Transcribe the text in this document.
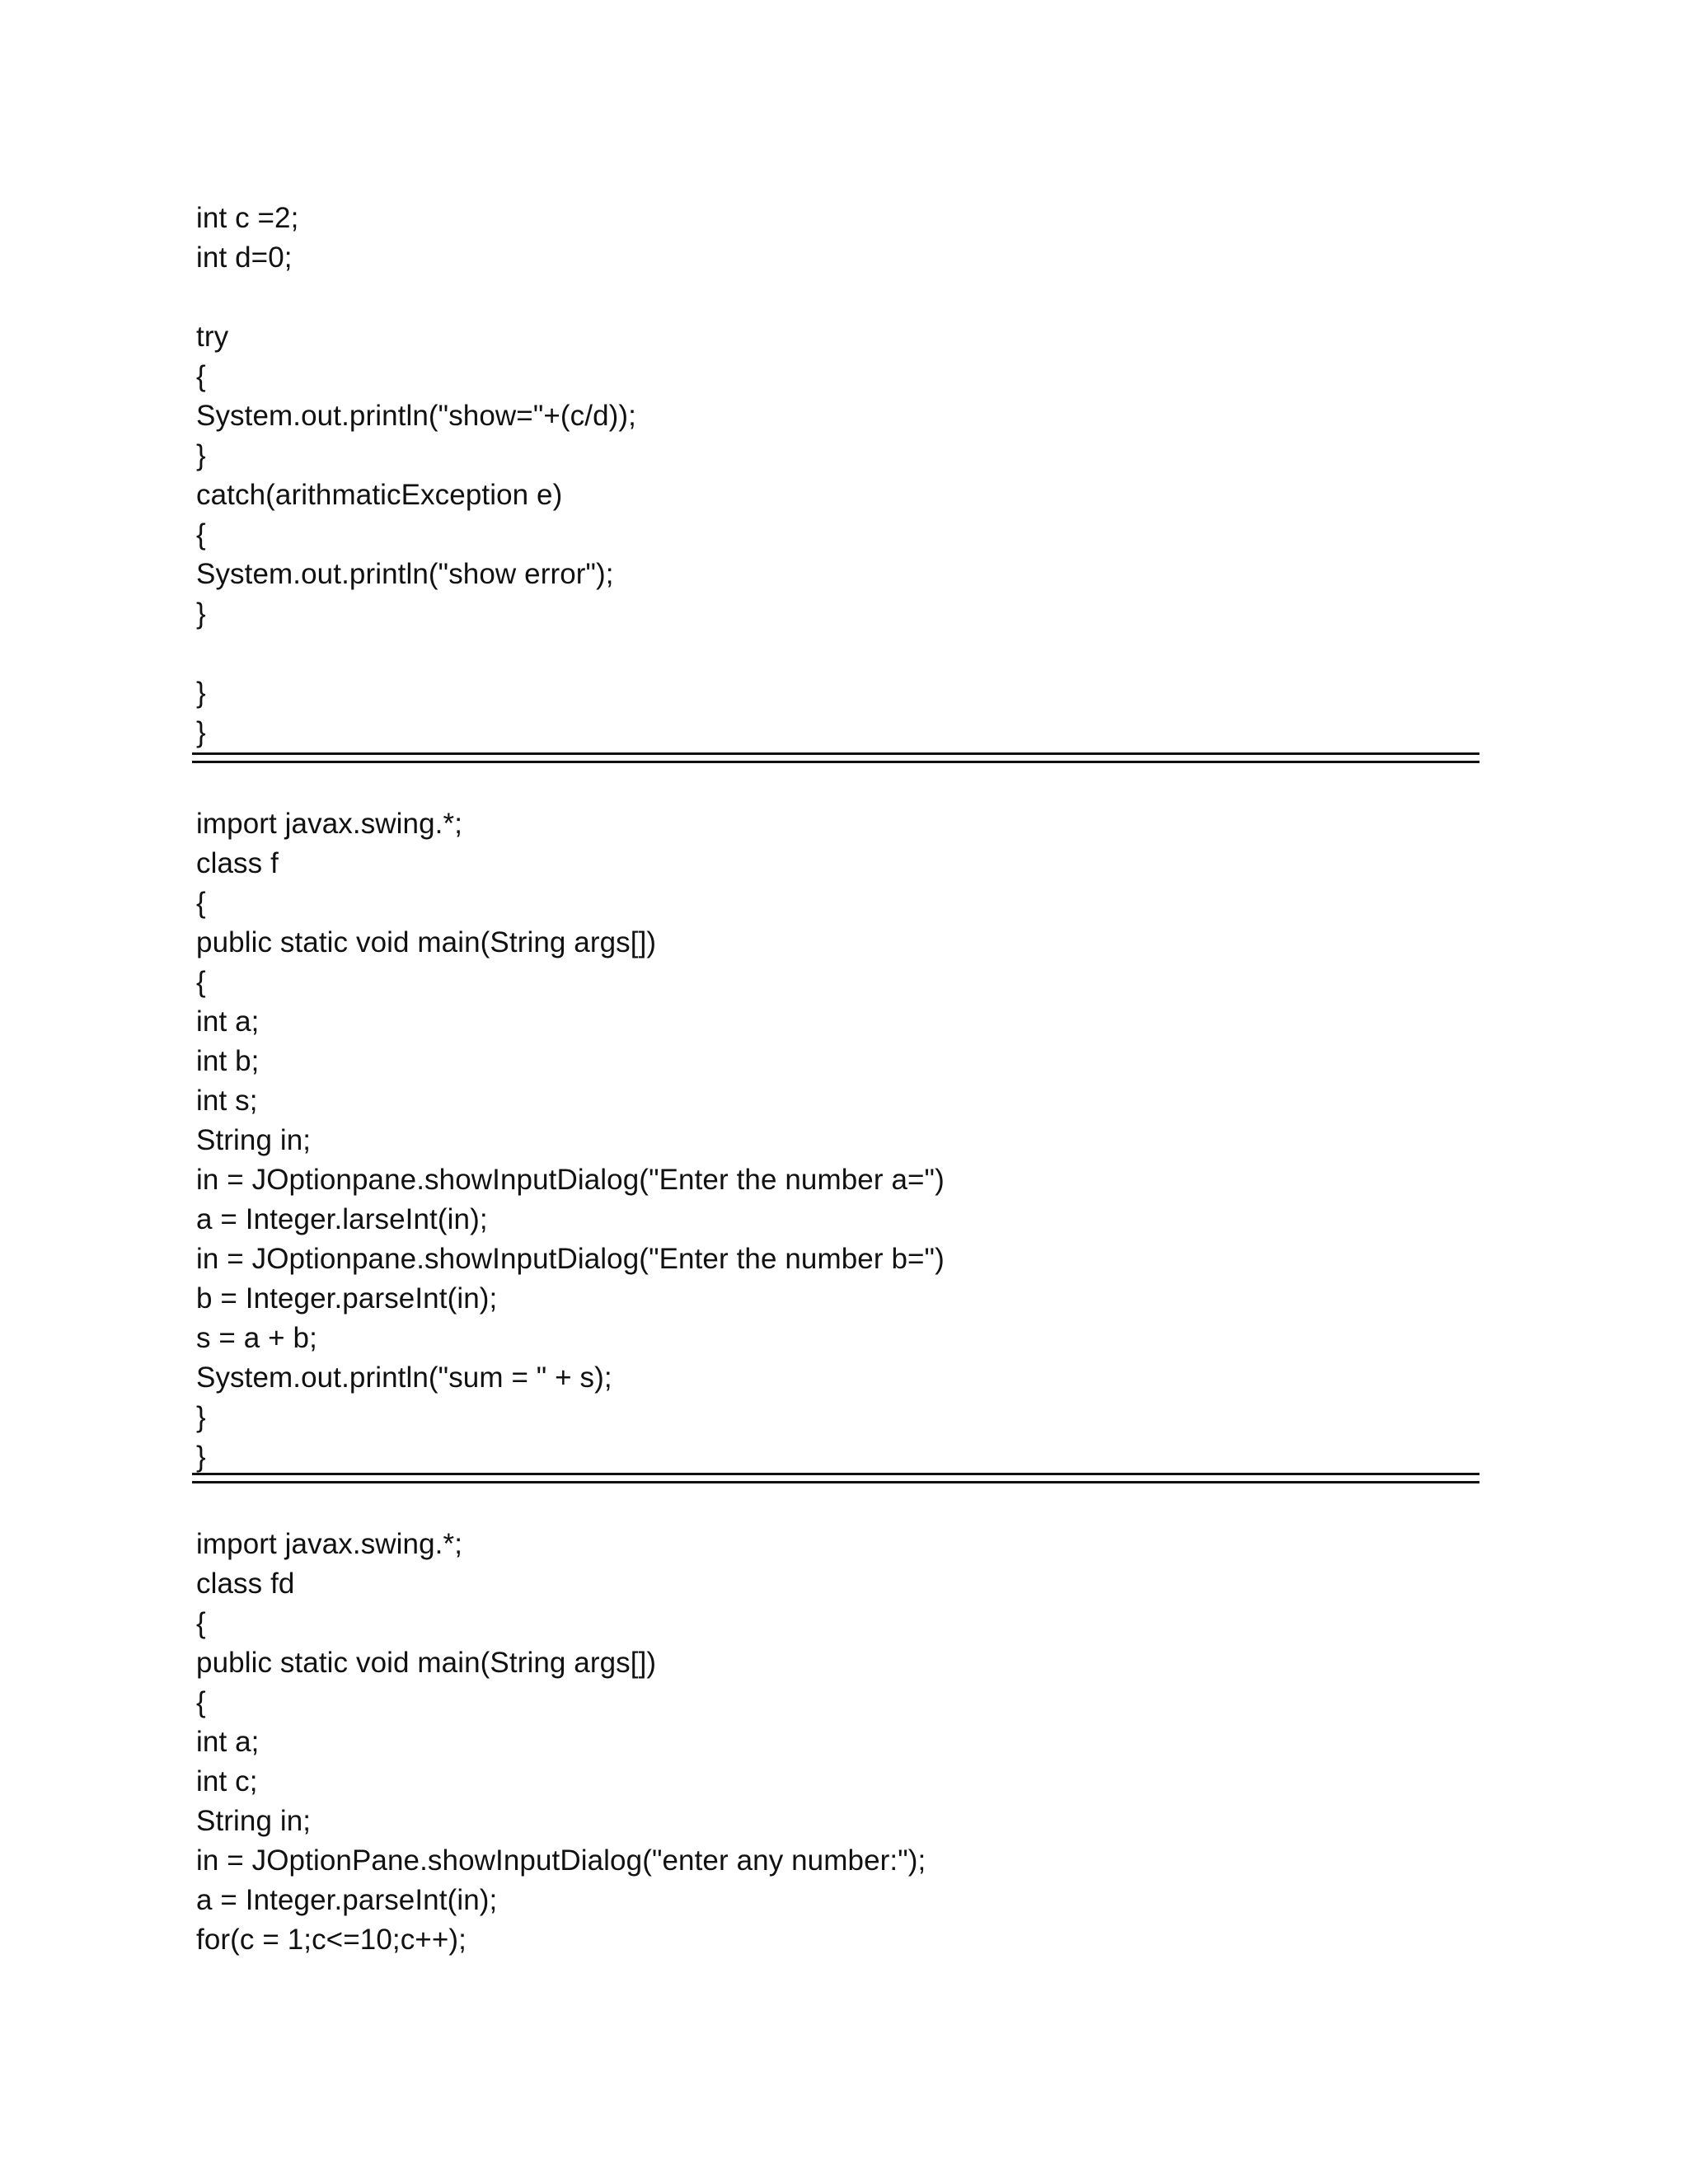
int c =2;
int d=0;
try
{
System.out.println("show="+(c/d));
}
catch(arithmaticException e)
{
System.out.println("show error");
}
}
}
import javax.swing.*;
class f
{
public static void main(String args[])
{
int a;
int b;
int s;
String in;
in = JOptionpane.showInputDialog("Enter the number a=")
a = Integer.larseInt(in);
in = JOptionpane.showInputDialog("Enter the number b=")
b = Integer.parseInt(in);
s = a + b;
System.out.println("sum = " + s);
}
}
import javax.swing.*;
class fd
{
public static void main(String args[])
{
int a;
int c;
String in;
in = JOptionPane.showInputDialog("enter any number:");
a = Integer.parseInt(in);
for(c = 1;c<=10;c++);
